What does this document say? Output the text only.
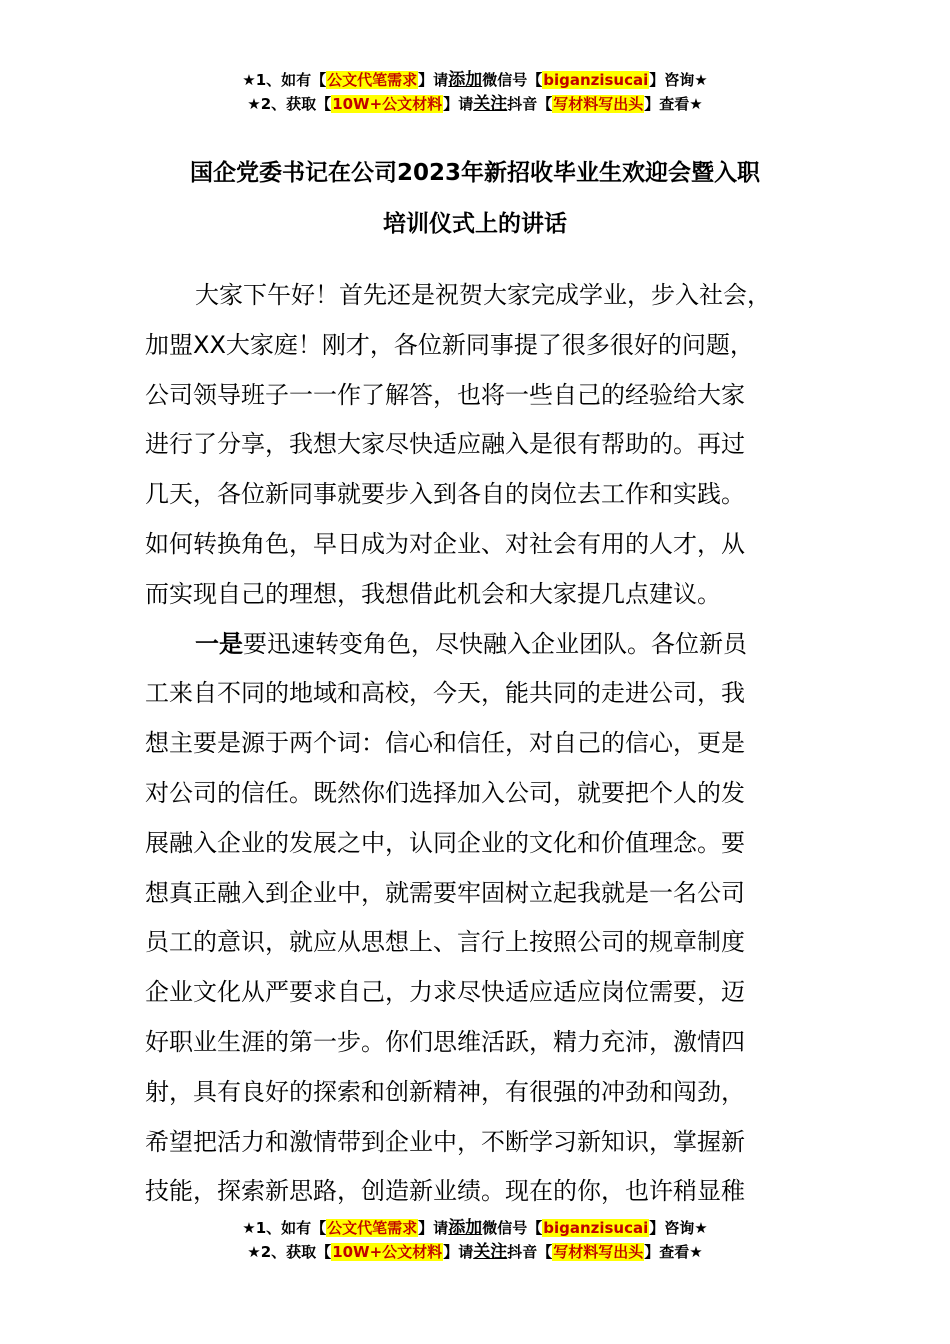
★1、如有【公文代笔需求】请添加微信号【biganzisucai】咨询★
★2、获取【10W+公文材料】请关注抖音【写材料写出头】查看★
国企党委书记在公司2023年新招收毕业生欢迎会暨入职
培训仪式上的讲话
大家下午好！首先还是祝贺大家完成学业，步入社会，
加盟XX大家庭！刚才，各位新同事提了很多很好的问题，
公司领导班子一一作了解答，也将一些自己的经验给大家
进行了分享，我想大家尽快适应融入是很有帮助的。再过
几天，各位新同事就要步入到各自的岗位去工作和实践。
如何转换角色，早日成为对企业、对社会有用的人才，从
而实现自己的理想，我想借此机会和大家提几点建议。
一是要迅速转变角色，尽快融入企业团队。各位新员
工来自不同的地域和高校，今天，能共同的走进公司，我
想主要是源于两个词：信心和信任，对自己的信心，更是
对公司的信任。既然你们选择加入公司，就要把个人的发
展融入企业的发展之中，认同企业的文化和价值理念。要
想真正融入到企业中，就需要牢固树立起我就是一名公司
员工的意识，就应从思想上、言行上按照公司的规章制度
企业文化从严要求自己，力求尽快适应适应岗位需要，迈
好职业生涯的第一步。你们思维活跃，精力充沛，激情四
射，具有良好的探索和创新精神，有很强的冲劲和闯劲，
希望把活力和激情带到企业中，不断学习新知识，掌握新
技能，探索新思路，创造新业绩。现在的你，也许稍显稚
★1、如有【公文代笔需求】请添加微信号【biganzisucai】咨询★
★2、获取【10W+公文材料】请关注抖音【写材料写出头】查看★
